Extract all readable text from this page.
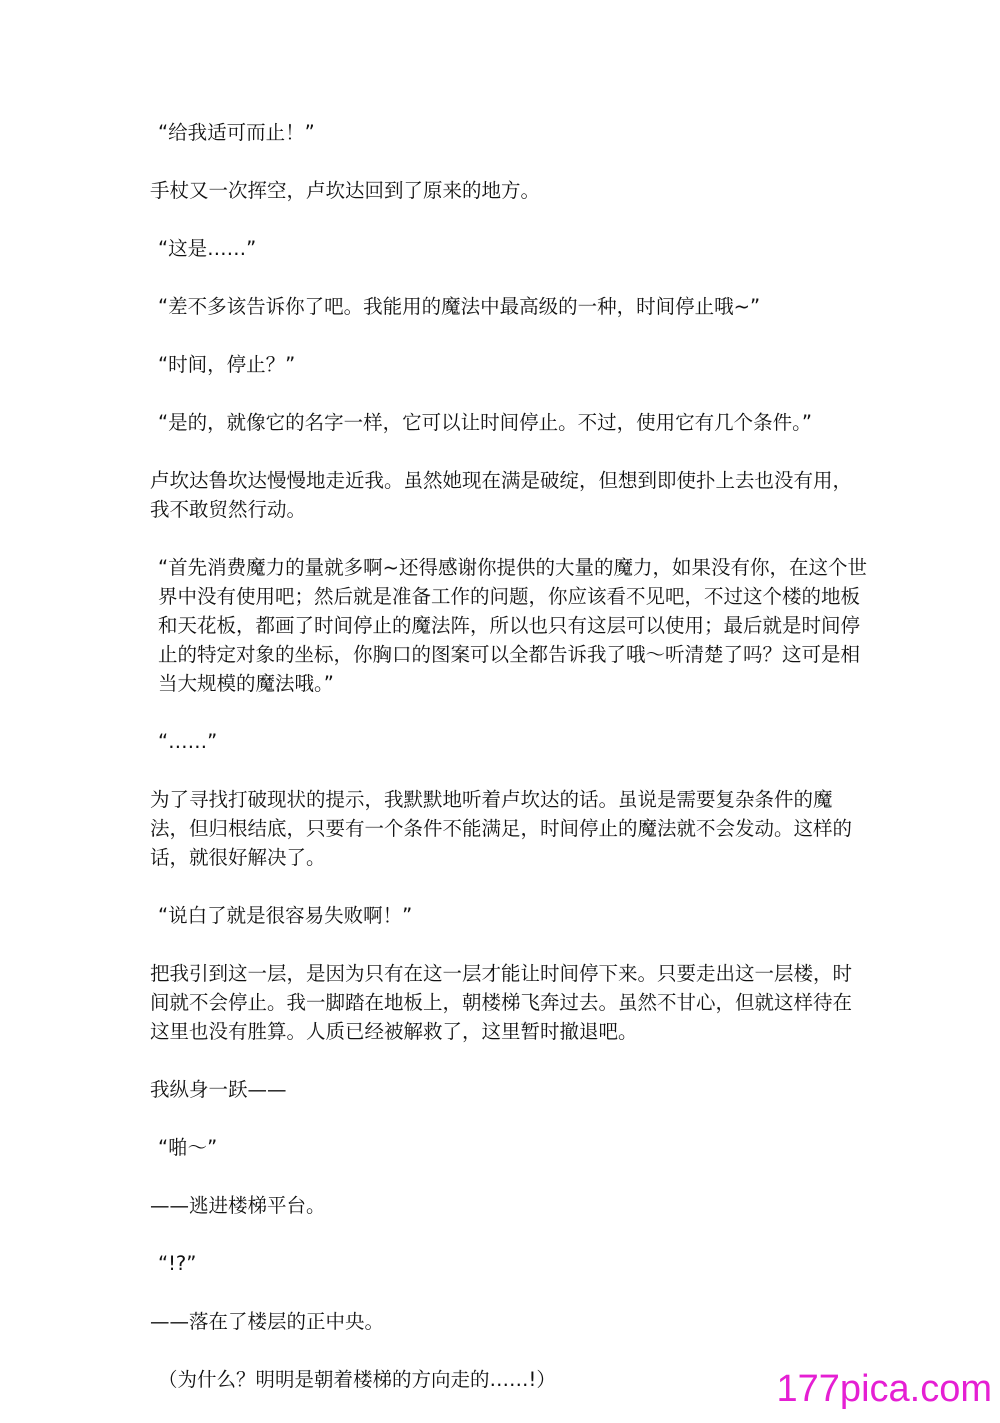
“给我适可而止！”

手杖又一次挥空，卢坎达回到了原来的地方。

“这是……”

“差不多该告诉你了吧。我能用的魔法中最高级的一种，时间停止哦~”

“时间，停止？”

“是的，就像它的名字一样，它可以让时间停止。不过，使用它有几个条件。”

卢坎达鲁坎达慢慢地走近我。虽然她现在满是破绽，但想到即使扑上去也没有用，我不敢贸然行动。

“首先消费魔力的量就多啊~还得感谢你提供的大量的魔力，如果没有你，在这个世界中没有使用吧；然后就是准备工作的问题，你应该看不见吧，不过这个楼的地板和天花板，都画了时间停止的魔法阵，所以也只有这层可以使用；最后就是时间停止的特定对象的坐标，你胸口的图案可以全都告诉我了哦～听清楚了吗？这可是相当大规模的魔法哦。”

“……”

为了寻找打破现状的提示，我默默地听着卢坎达的话。虽说是需要复杂条件的魔法，但归根结底，只要有一个条件不能满足，时间停止的魔法就不会发动。这样的话，就很好解决了。

“说白了就是很容易失败啊！”

把我引到这一层，是因为只有在这一层才能让时间停下来。只要走出这一层楼，时间就不会停止。我一脚踏在地板上，朝楼梯飞奔过去。虽然不甘心，但就这样待在这里也没有胜算。人质已经被解救了，这里暂时撤退吧。

我纵身一跃——

“啪～”

——逃进楼梯平台。

“!?”

——落在了楼层的正中央。

（为什么？明明是朝着楼梯的方向走的……!）	177pica.com
